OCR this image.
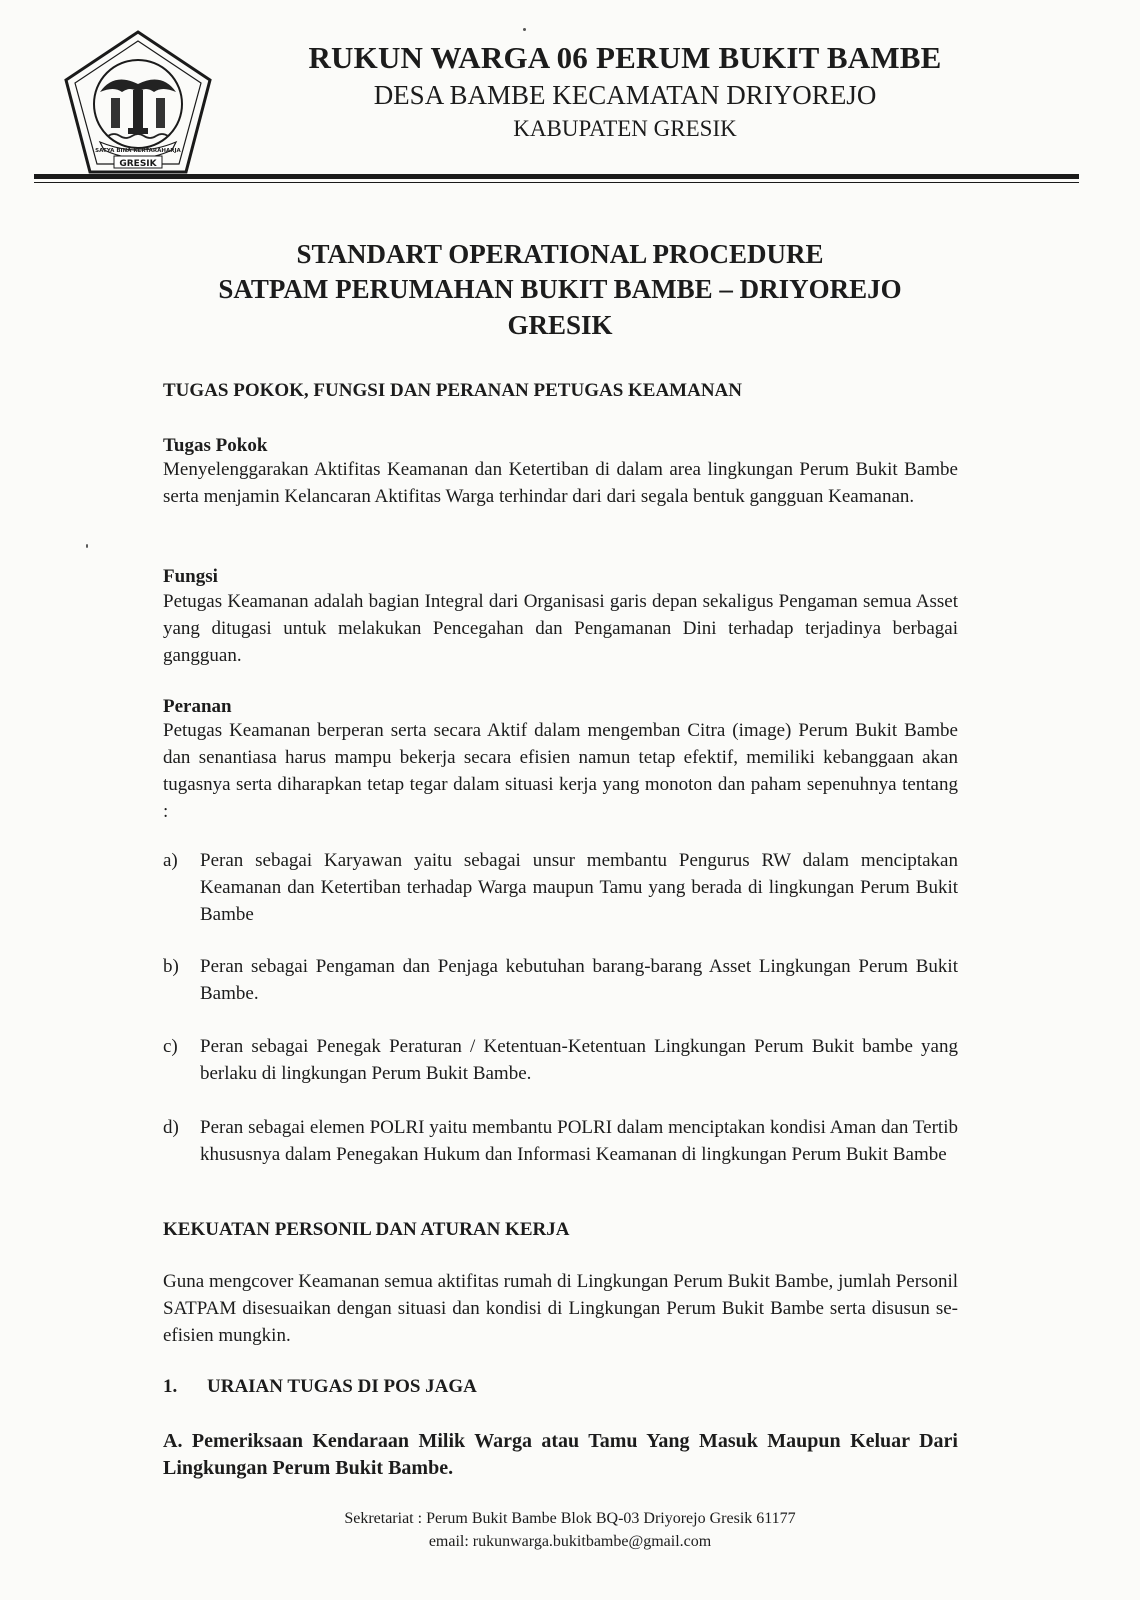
SATYA BINA KERTARAHARJA
GRESIK
RUKUN WARGA 06 PERUM BUKIT BAMBE
DESA BAMBE KECAMATAN DRIYOREJO
KABUPATEN GRESIK
STANDART OPERATIONAL PROCEDURE
SATPAM PERUMAHAN BUKIT BAMBE – DRIYOREJO
GRESIK
TUGAS POKOK, FUNGSI DAN PERANAN PETUGAS KEAMANAN
Tugas Pokok

Menyelenggarakan Aktifitas Keamanan dan Ketertiban di dalam area lingkungan Perum Bukit Bambe serta menjamin Kelancaran Aktifitas Warga terhindar dari dari segala bentuk gangguan Keamanan.

Fungsi

Petugas Keamanan adalah bagian Integral dari Organisasi garis depan sekaligus Pengaman semua Asset yang ditugasi untuk melakukan Pencegahan dan Pengamanan Dini terhadap terjadinya berbagai gangguan.

Peranan

Petugas Keamanan berperan serta secara Aktif dalam mengemban Citra (image) Perum Bukit Bambe dan senantiasa harus mampu bekerja secara efisien namun tetap efektif, memiliki kebanggaan akan tugasnya serta diharapkan tetap tegar dalam situasi kerja yang monoton dan paham sepenuhnya tentang :

a)	Peran sebagai Karyawan yaitu sebagai unsur membantu Pengurus RW dalam menciptakan Keamanan dan Ketertiban terhadap Warga maupun Tamu yang berada di lingkungan Perum Bukit Bambe
b)	Peran sebagai Pengaman dan Penjaga kebutuhan barang-barang Asset Lingkungan Perum Bukit Bambe.
c)	Peran sebagai Penegak Peraturan / Ketentuan-Ketentuan Lingkungan Perum Bukit bambe yang berlaku di lingkungan Perum Bukit Bambe.
d)	Peran sebagai elemen POLRI yaitu membantu POLRI dalam menciptakan kondisi Aman dan Tertib khususnya dalam Penegakan Hukum dan Informasi Keamanan di lingkungan Perum Bukit Bambe
KEKUATAN PERSONIL DAN ATURAN KERJA

Guna mengcover Keamanan semua aktifitas rumah di Lingkungan Perum Bukit Bambe, jumlah Personil SATPAM disesuaikan dengan situasi dan kondisi di Lingkungan Perum Bukit Bambe serta disusun se-efisien mungkin.

1. URAIAN TUGAS DI POS JAGA

A. Pemeriksaan Kendaraan Milik Warga atau Tamu Yang Masuk Maupun Keluar Dari Lingkungan Perum Bukit Bambe.

Sekretariat : Perum Bukit Bambe Blok BQ-03 Driyorejo Gresik 61177
email: rukunwarga.bukitbambe@gmail.com
